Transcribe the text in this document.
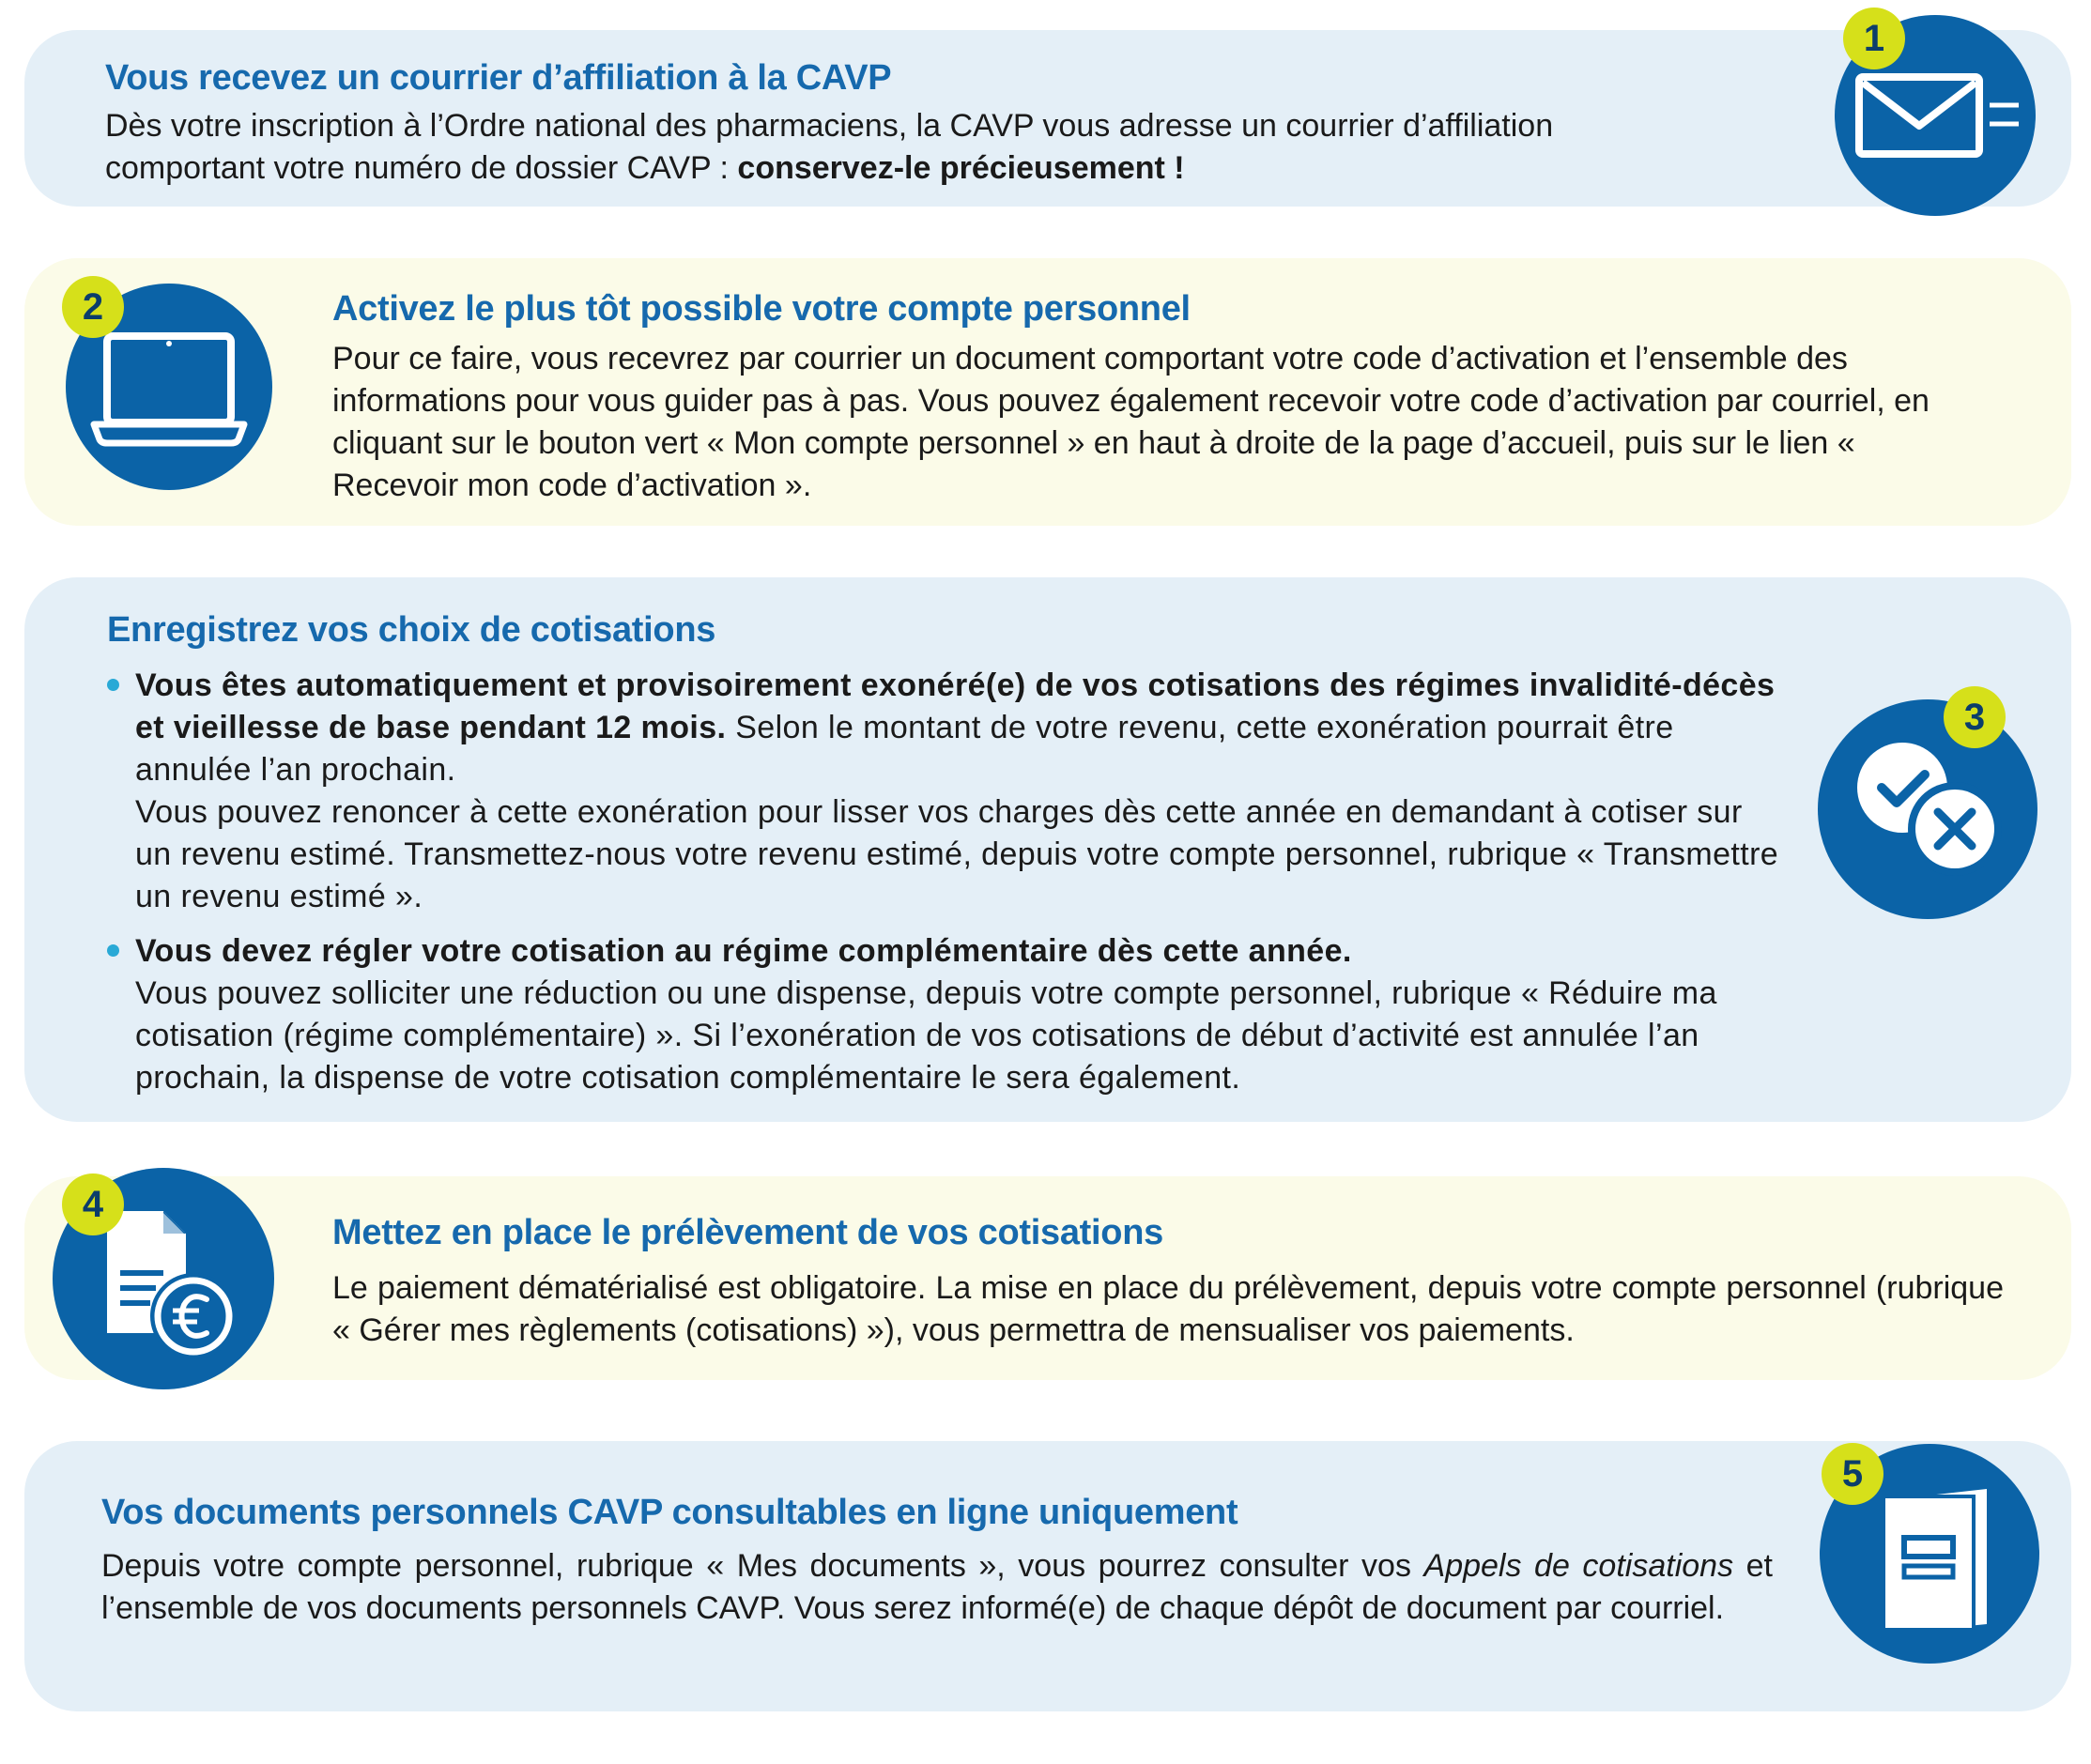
Vous recevez un courrier d’affiliation à la CAVP
Dès votre inscription à l’Ordre national des pharmaciens, la CAVP vous adresse un courrier d’affiliation comportant votre numéro de dossier CAVP : conservez-le précieusement !
1
2	Activez le plus tôt possible votre compte personnel
Pour ce faire, vous recevrez par courrier un document comportant votre code d’activation et l’ensemble des informations pour vous guider pas à pas. Vous pouvez également recevoir votre code d’activation par courriel, en cliquant sur le bouton vert « Mon compte personnel » en haut à droite de la page d’accueil, puis sur le lien « Recevoir mon code d’activation ».
Enregistrez vos choix de cotisations
Vous êtes automatiquement et provisoirement exonéré(e) de vos cotisations des régimes invalidité-décès et vieillesse de base pendant 12 mois. Selon le montant de votre revenu, cette exonération pourrait être annulée l’an prochain.

Vous pouvez renoncer à cette exonération pour lisser vos charges dès cette année en demandant à cotiser sur un revenu estimé. Transmettez-nous votre revenu estimé, depuis votre compte personnel, rubrique « Transmettre un revenu estimé ».

Vous devez régler votre cotisation au régime complémentaire dès cette année.

Vous pouvez solliciter une réduction ou une dispense, depuis votre compte personnel, rubrique « Réduire ma cotisation (régime complémentaire) ». Si l’exonération de vos cotisations de début d’activité est annulée l’an prochain, la dispense de votre cotisation complémentaire le sera également.

3
4
Mettez en place le prélèvement de vos cotisations
Le paiement dématérialisé est obligatoire. La mise en place du prélèvement, depuis votre compte personnel (rubrique « Gérer mes règlements (cotisations) »), vous permettra de mensualiser vos paiements.
Vos documents personnels CAVP consultables en ligne uniquement
Depuis votre compte personnel, rubrique « Mes documents », vous pourrez consulter vos Appels de cotisations et l’ensemble de vos documents personnels CAVP. Vous serez informé(e) de chaque dépôt de document par courriel.
5
